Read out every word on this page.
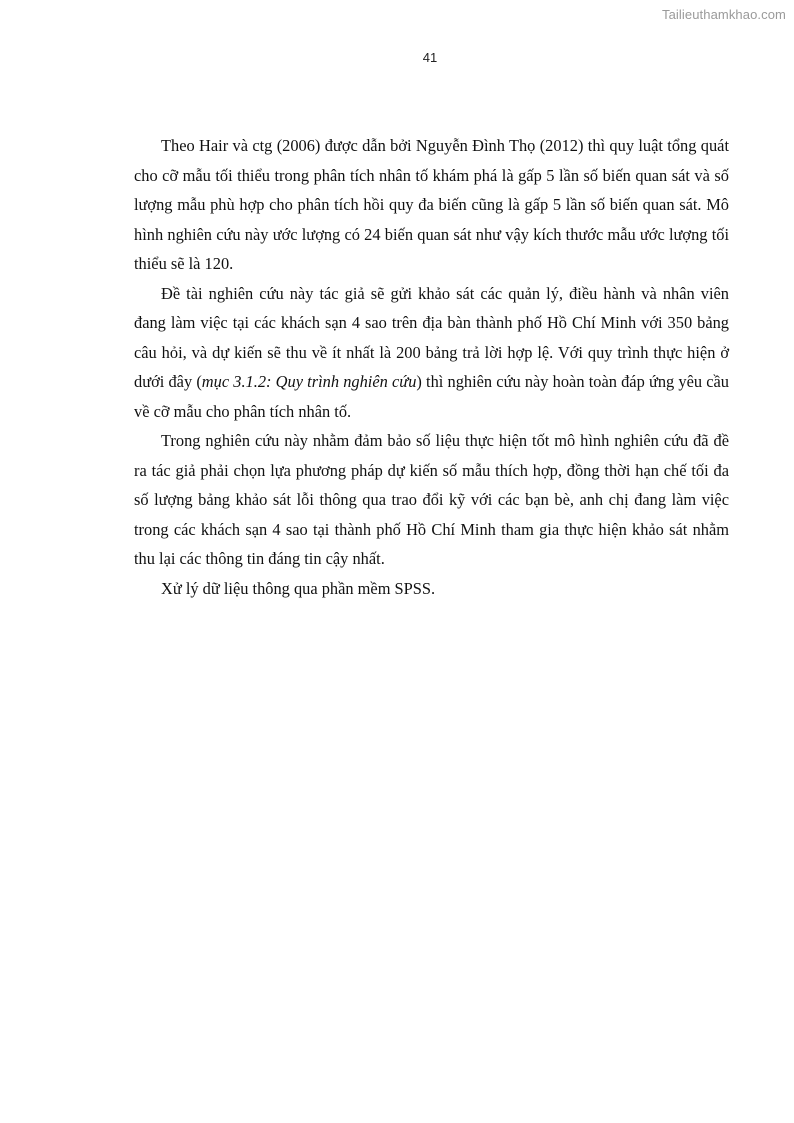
Tailieuthamkhao.com
41

Theo Hair và ctg (2006) được dẫn bởi Nguyễn Đình Thọ (2012) thì quy luật tổng quát cho cỡ mẫu tối thiểu trong phân tích nhân tố khám phá là gấp 5 lần số biến quan sát và số lượng mẫu phù hợp cho phân tích hồi quy đa biến cũng là gấp 5 lần số biến quan sát. Mô hình nghiên cứu này ước lượng có 24 biến quan sát như vậy kích thước mẫu ước lượng tối thiểu sẽ là 120.

Đề tài nghiên cứu này tác giả sẽ gửi khảo sát các quản lý, điều hành và nhân viên đang làm việc tại các khách sạn 4 sao trên địa bàn thành phố Hồ Chí Minh với 350 bảng câu hỏi, và dự kiến sẽ thu về ít nhất là 200 bảng trả lời hợp lệ. Với quy trình thực hiện ở dưới đây (mục 3.1.2: Quy trình nghiên cứu) thì nghiên cứu này hoàn toàn đáp ứng yêu cầu về cỡ mẫu cho phân tích nhân tố.

Trong nghiên cứu này nhằm đảm bảo số liệu thực hiện tốt mô hình nghiên cứu đã đề ra tác giả phải chọn lựa phương pháp dự kiến số mẫu thích hợp, đồng thời hạn chế tối đa số lượng bảng khảo sát lỗi thông qua trao đổi kỹ với các bạn bè, anh chị đang làm việc trong các khách sạn 4 sao tại thành phố Hồ Chí Minh tham gia thực hiện khảo sát nhằm thu lại các thông tin đáng tin cậy nhất.

Xử lý dữ liệu thông qua phần mềm SPSS.
